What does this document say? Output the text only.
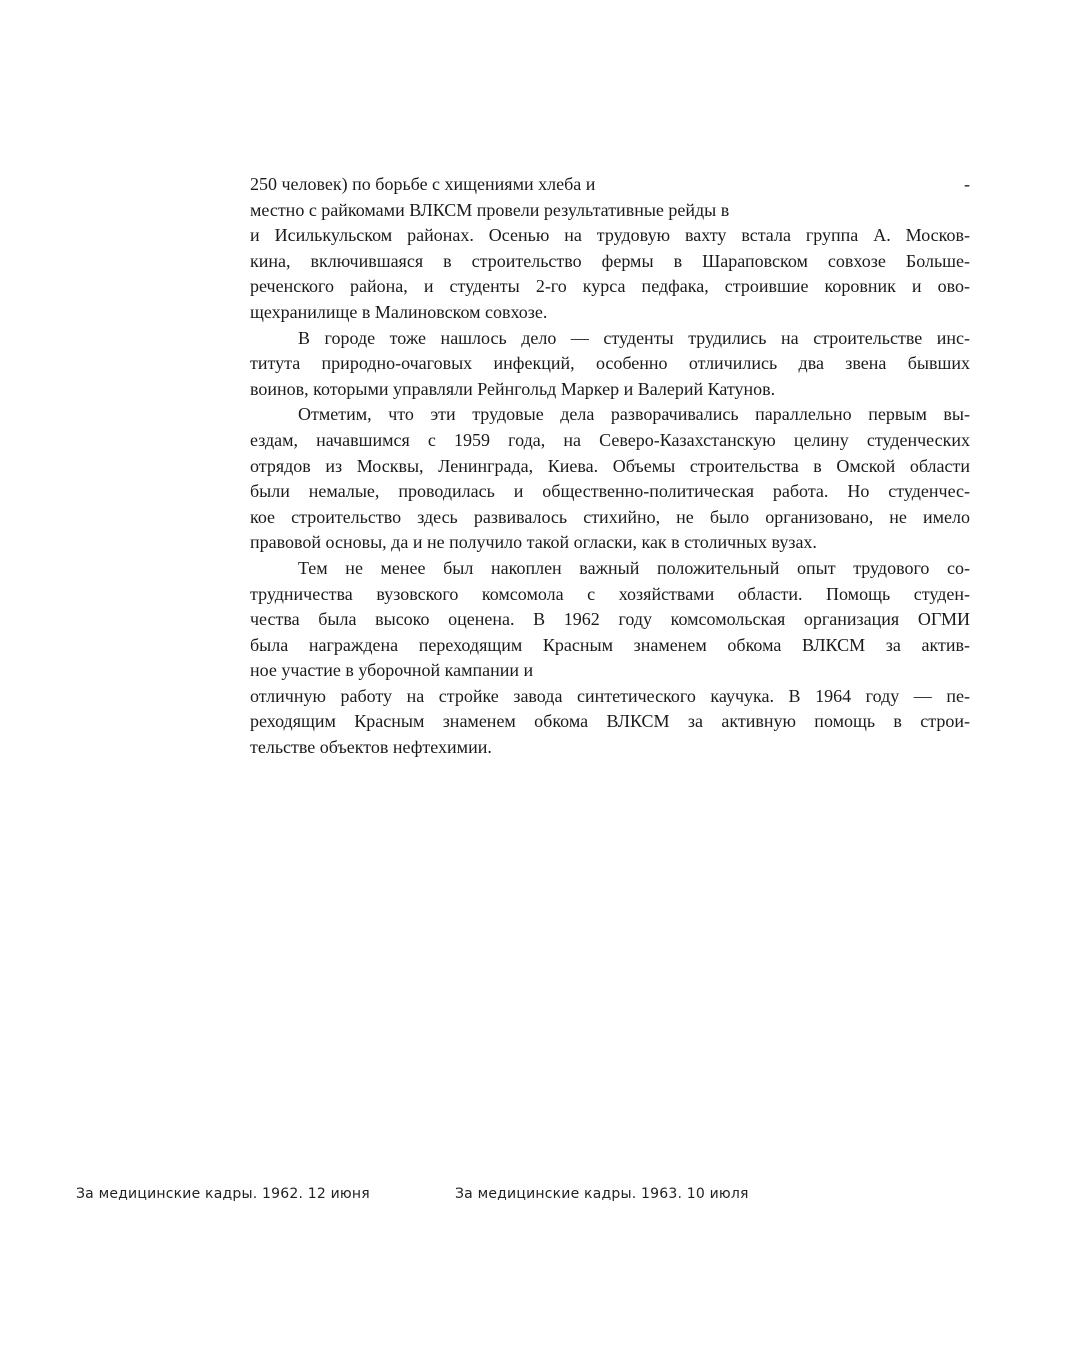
250 человек) по борьбе с хищениями хлеба и	-
местно с райкомами ВЛКСМ провели результативные рейды в
и Исилькульском районах. Осенью на трудовую вахту встала группа А. Москов-
кина, включившаяся в строительство фермы в Шараповском совхозе Больше-
реченского района, и студенты 2-го курса педфака, строившие коровник и ово-
щехранилище в Малиновском совхозе.
В городе тоже нашлось дело — студенты трудились на строительстве инс-
титута природно-очаговых инфекций, особенно отличились два звена бывших
воинов, которыми управляли Рейнгольд Маркер и Валерий Катунов.
Отметим, что эти трудовые дела разворачивались параллельно первым вы-
ездам, начавшимся с 1959 года, на Северо-Казахстанскую целину студенческих
отрядов из Москвы, Ленинграда, Киева. Объемы строительства в Омской области
были немалые, проводилась и общественно-политическая работа. Но студенчес-
кое строительство здесь развивалось стихийно, не было организовано, не имело
правовой основы, да и не получило такой огласки, как в столичных вузах.
Тем не менее был накоплен важный положительный опыт трудового со-
трудничества вузовского комсомола с хозяйствами области. Помощь студен-
чества была высоко оценена. В 1962 году комсомольская организация ОГМИ
была награждена переходящим Красным знаменем обкома ВЛКСМ за актив-
ное участие в уборочной кампании и
отличную работу на стройке завода синтетического каучука. В 1964 году — пе-
реходящим Красным знаменем обкома ВЛКСМ за активную помощь в строи-
тельстве объектов нефтехимии.
За медицинские кадры. 1962. 12 июня	За медицинские кадры. 1963. 10 июля
